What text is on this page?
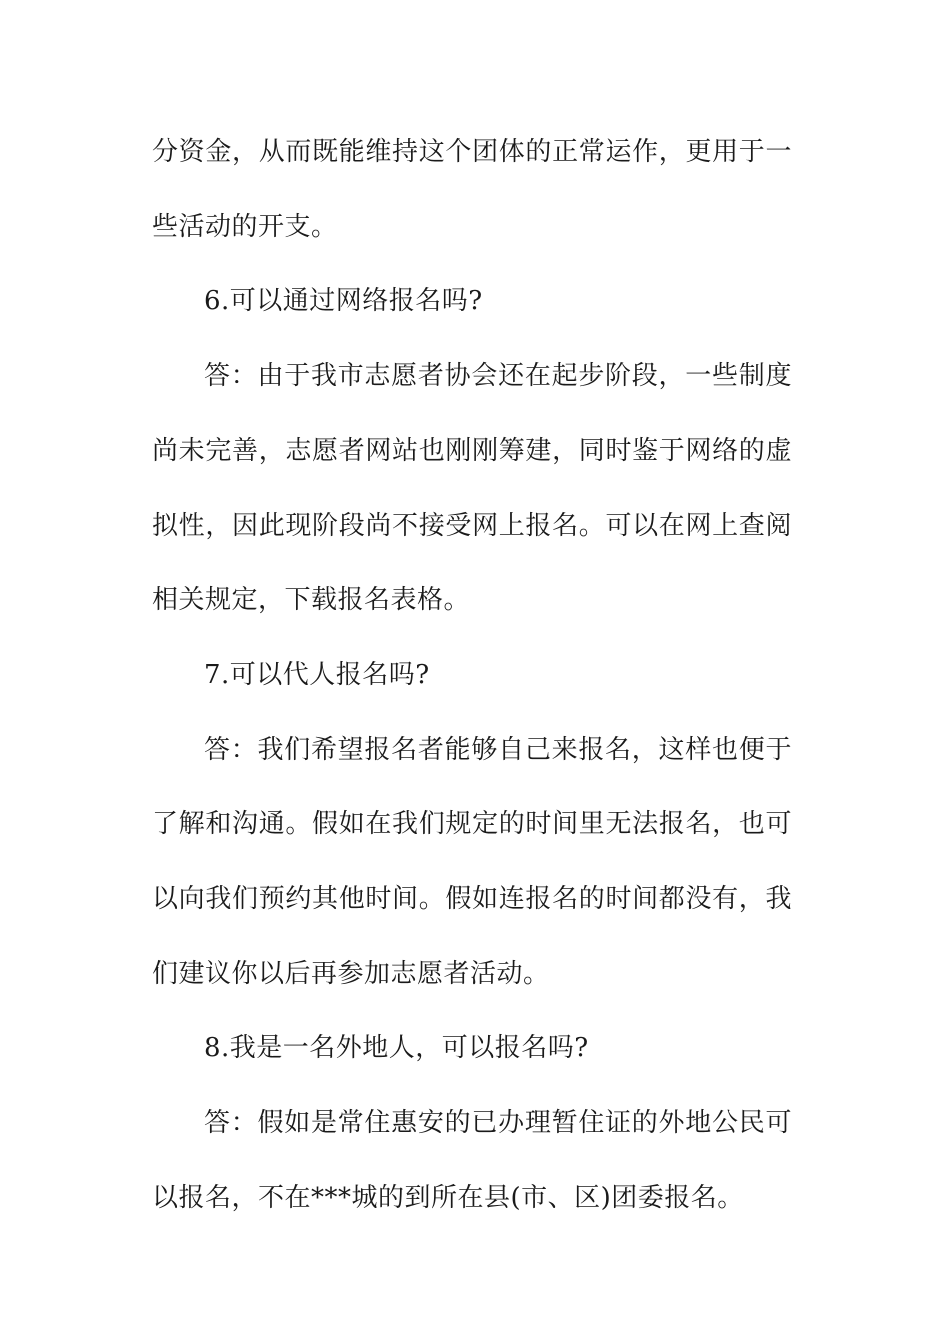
分资金，从而既能维持这个团体的正常运作，更用于一些活动的开支。

6.可以通过网络报名吗?

答：由于我市志愿者协会还在起步阶段，一些制度尚未完善，志愿者网站也刚刚筹建，同时鉴于网络的虚拟性，因此现阶段尚不接受网上报名。可以在网上查阅相关规定，下载报名表格。

7.可以代人报名吗?

答：我们希望报名者能够自己来报名，这样也便于了解和沟通。假如在我们规定的时间里无法报名，也可以向我们预约其他时间。假如连报名的时间都没有，我们建议你以后再参加志愿者活动。

8.我是一名外地人，可以报名吗?

答：假如是常住惠安的已办理暂住证的外地公民可以报名，不在***城的到所在县(市、区)团委报名。
